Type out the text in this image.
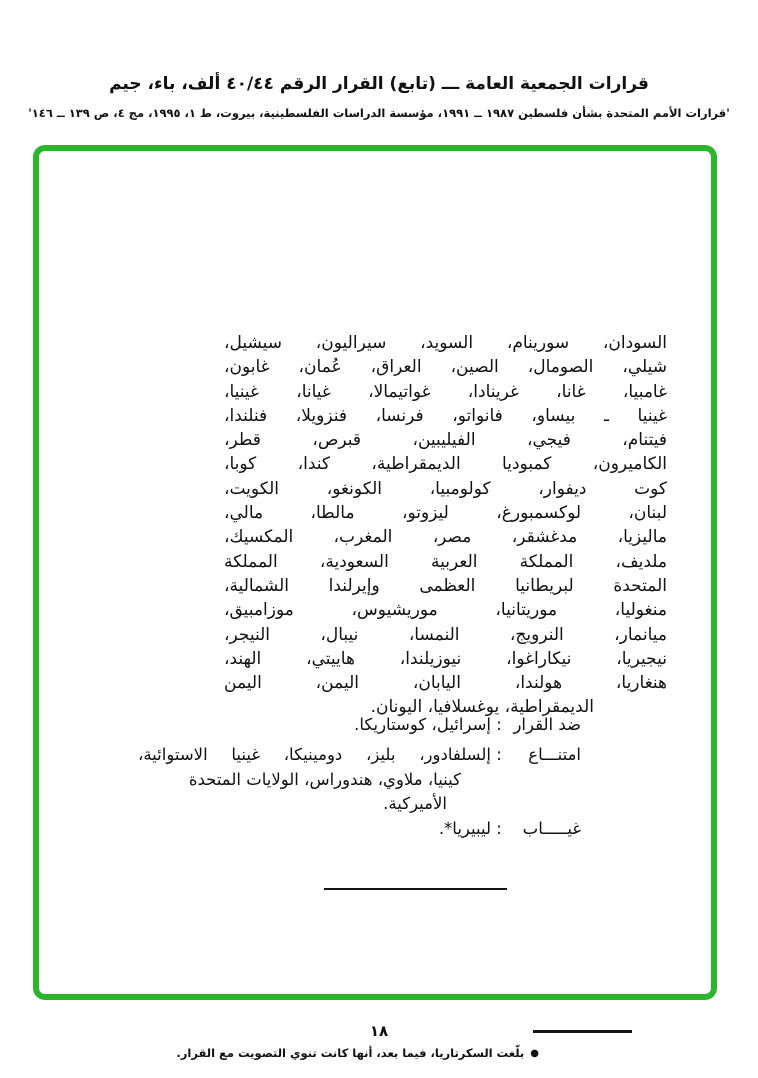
قرارات الجمعية العامة ـــ (تابع) القرار الرقم ٤٠/٤٤ ألف، باء، جيم
'قرارات الأمم المتحدة بشأن فلسطين ١٩٨٧ ــ ١٩٩١، مؤسسة الدراسات الفلسطينية، بيروت، ط ١، ١٩٩٥، مج ٤، ص ١٣٩ ــ ١٤٦'
السودان، سورينام، السويد، سيراليون، سيشيل،
شيلي، الصومال، الصين، العراق، عُمان، غابون،
غامبيا، غانا، غرينادا، غواتيمالا، غيانا، غينيا،
غينيا ـ بيساو، فانواتو، فرنسا، فنزويلا، فنلندا،
فيتنام، فيجي، الفيليبين، قبرص، قطر،
الكاميرون، كمبوديا الديمقراطية، كندا، كوبا،
كوت ديفوار، كولومبيا، الكونغو، الكويت،
لبنان، لوكسمبورغ، ليزوتو، مالطا، مالي،
ماليزيا، مدغشقر، مصر، المغرب، المكسيك،
ملديف، المملكة العربية السعودية، المملكة
المتحدة لبريطانيا العظمى وإيرلندا الشمالية،
منغوليا، موريتانيا، موريشيوس، موزامبيق،
ميانمار، النرويج، النمسا، نيبال، النيجر،
نيجيريا، نيكاراغوا، نيوزيلندا، هاييتي، الهند،
هنغاريا، هولندا، اليابان، اليمن، اليمن
الديمقراطية، يوغسلافيا، اليونان.
ضد القرار:إسرائيل، كوستاريكا.
امتنـــاع:
إلسلفادور، بليز، دومينيكا، غينيا الاستوائية،
كينيا، ملاوي، هندوراس، الولايات المتحدة
الأميركية.
غيـــــاب:ليبيريا*.
●بلّغت السكرتاريا، فيما بعد، أنها كانت تنوي التصويت مع القرار.
١٨
